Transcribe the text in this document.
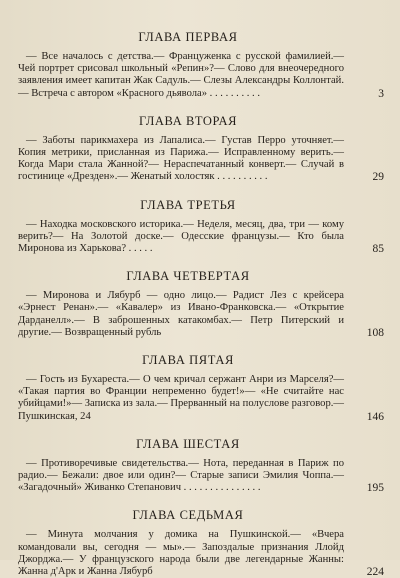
ГЛАВА ПЕРВАЯ
— Все началось с детства.— Француженка с русской фамилией.— Чей портрет срисовал школьный «Репин»?— Слово для внеочередного заявления имеет капитан Жак Садуль.— Слезы Александры Коллонтай.— Встреча с автором «Красного дьявола» . . . . . . . . . .	3
ГЛАВА ВТОРАЯ
— Заботы парикмахера из Лапалиса.— Густав Перро уточняет.— Копия метрики, присланная из Парижа.— Исправленному верить.— Когда Мари стала Жанной?— Нераспечатанный конверт.— Случай в гостинице «Дрезден».— Женатый холостяк . . . . . . . . . .	29
ГЛАВА ТРЕТЬЯ
— Находка московского историка.— Неделя, месяц, два, три — кому верить?— На Золотой доске.— Одесские французы.— Кто была Миронова из Харькова? . . . . .	85
ГЛАВА ЧЕТВЕРТАЯ
— Миронова и Лябурб — одно лицо.— Радист Лез с крейсера «Эрнест Ренан».— «Кавалер» из Ивано-Франковска.— «Открытие Дарданелл».— В заброшенных катакомбах.— Петр Питерский и другие.— Возвращенный рубль	108
ГЛАВА ПЯТАЯ
— Гость из Бухареста.— О чем кричал сержант Анри из Марселя?— «Такая партия во Франции непременно будет!»— «Не считайте нас убийцами!»— Записка из зала.— Прерванный на полуслове разговор.— Пушкинская, 24	146
ГЛАВА ШЕСТАЯ
— Противоречивые свидетельства.— Нота, переданная в Париж по радио.— Бежали: двое или один?— Старые записи Эмилия Чоппа.— «Загадочный» Живанко Степанович . . . . . . . . . . . . . . .	195
ГЛАВА СЕДЬМАЯ
— Минута молчания у домика на Пушкинской.— «Вчера командовали вы, сегодня — мы».— Запоздалые признания Ллойд Джорджа.— У французского народа были две легендарные Жанны: Жанна д'Арк и Жанна Лябурб	224
